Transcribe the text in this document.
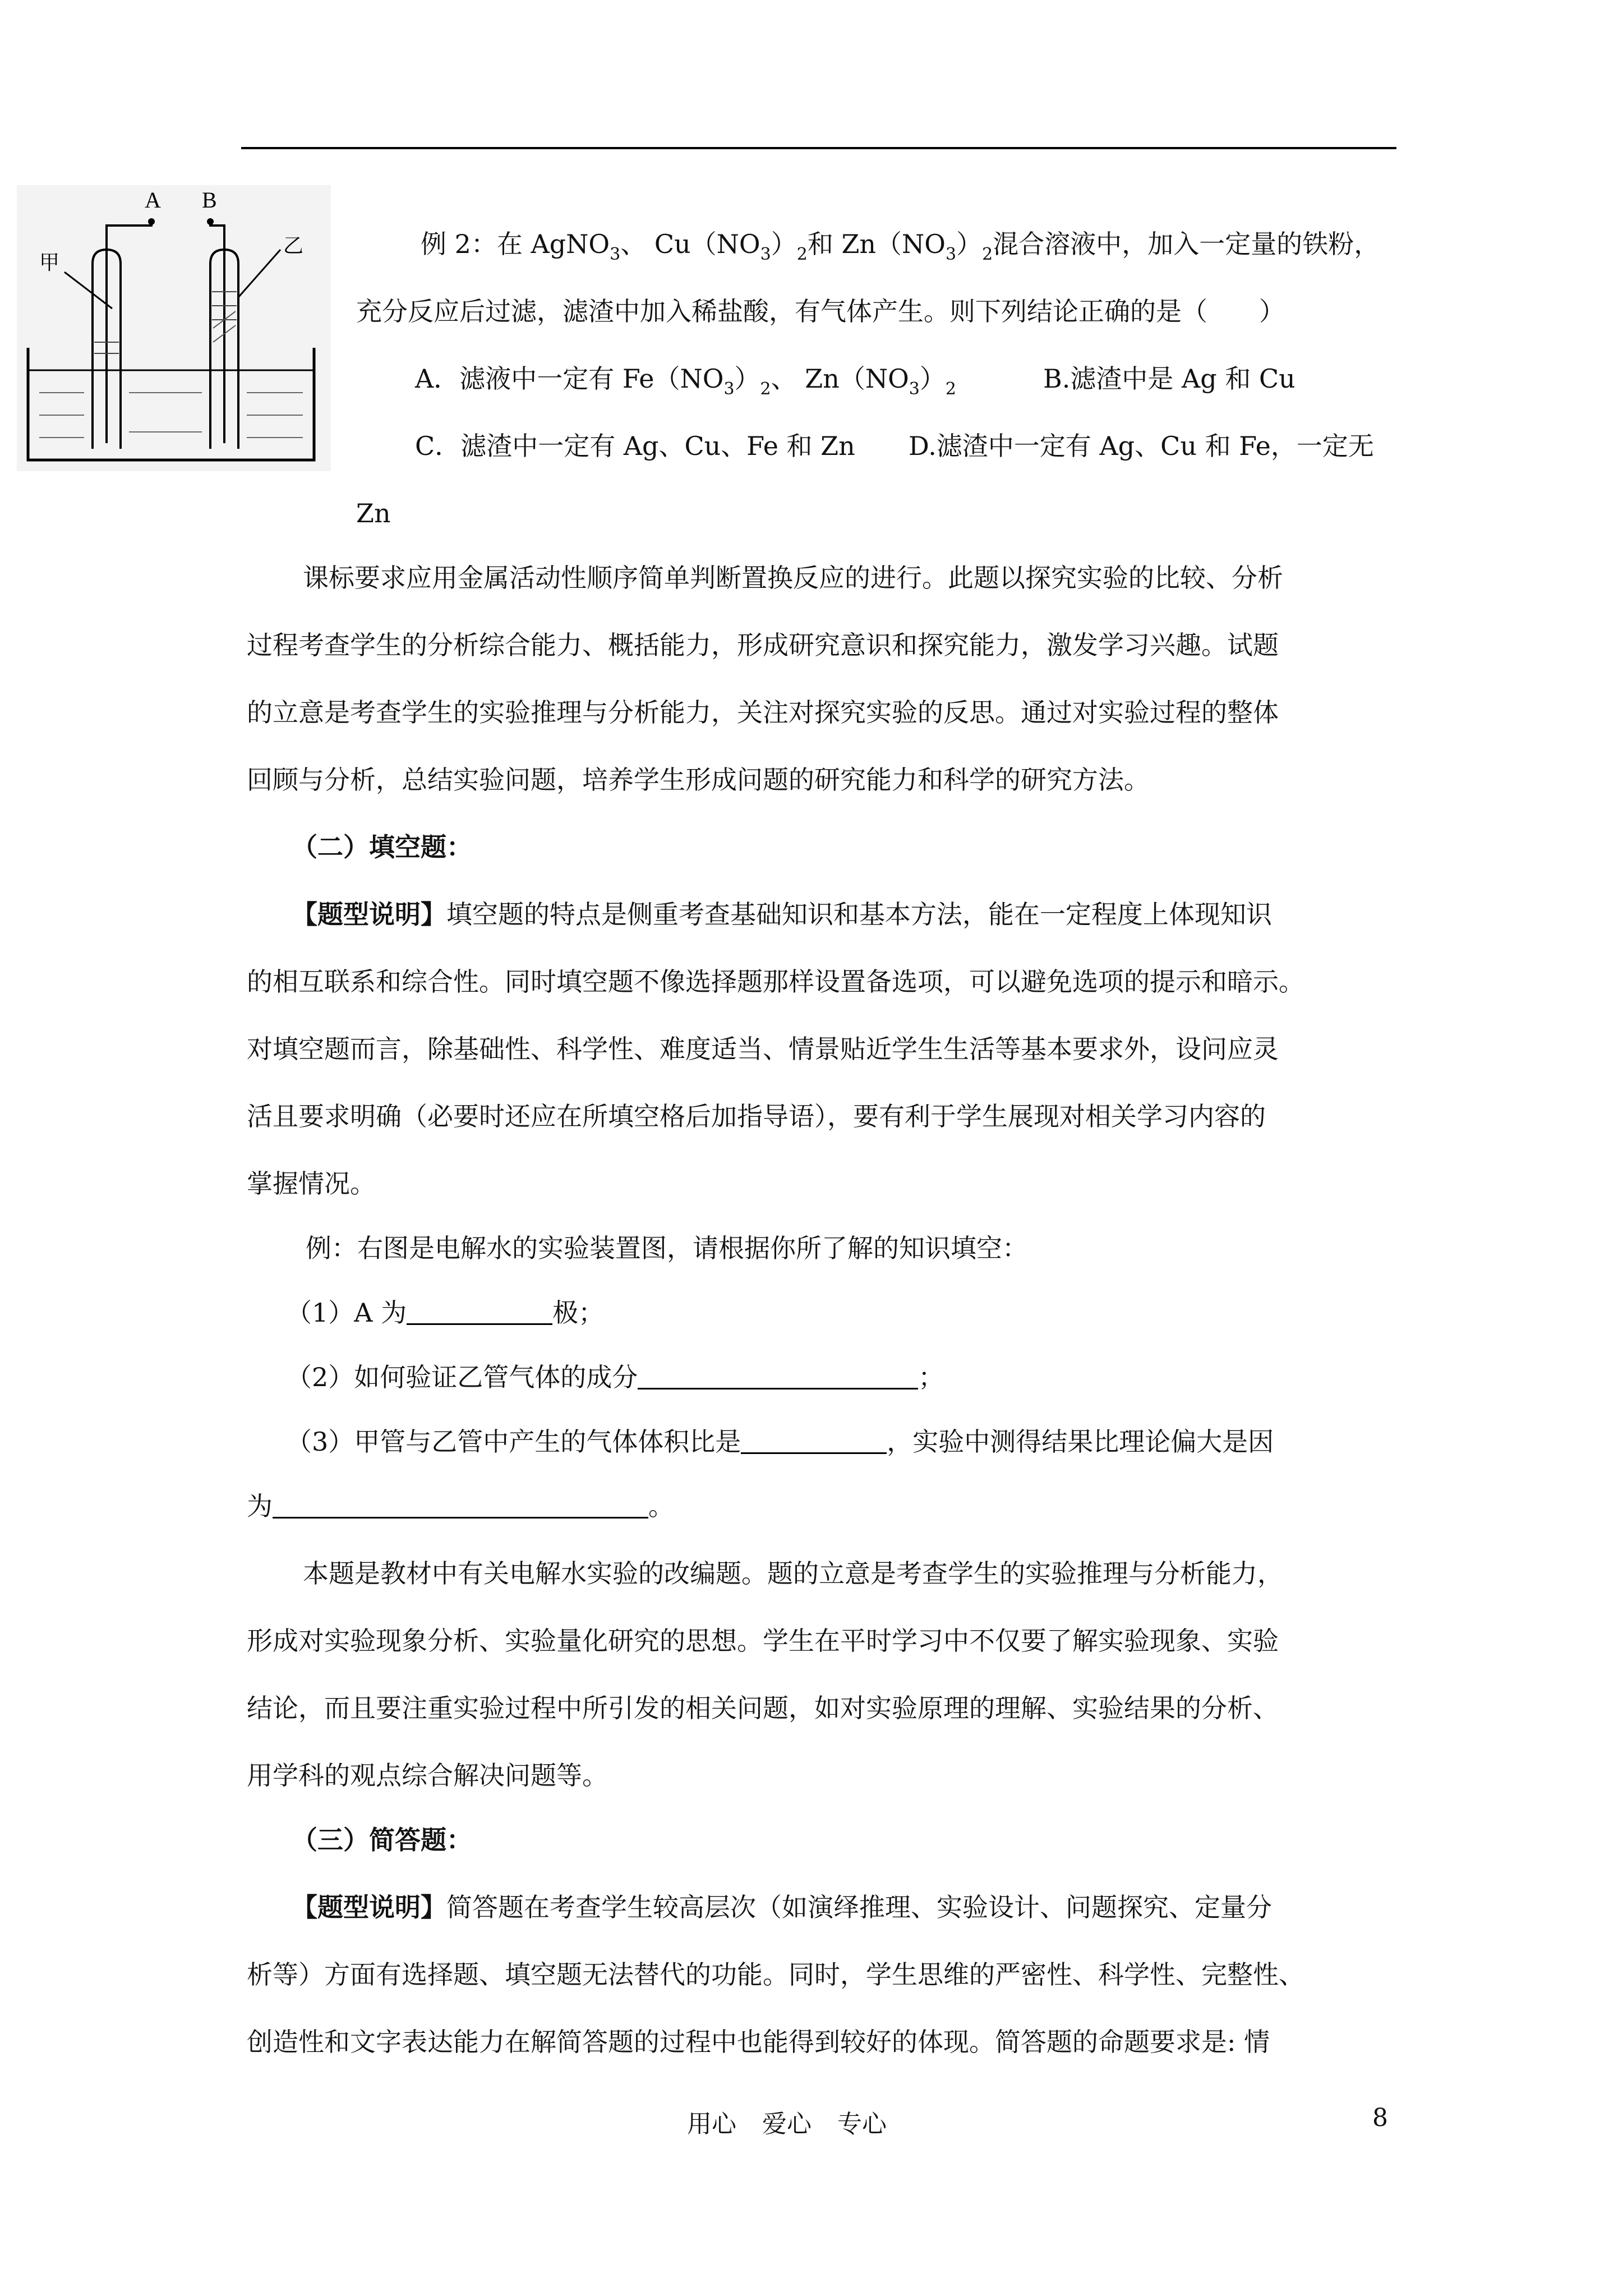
A B
甲
乙	例 2：在 AgNO$_3$、 $Cu(NO_3)_2$和 $Zn(NO_3)_2$混合溶液中，加入一定量的铁粉，
充分反应后过滤，滤渣中加入稀盐酸，有气体产生。则下列结论正确的是（　　）
A．滤液中一定有 $Fe(NO_3)_2$、 $Zn(NO_3)_2$	B.滤渣中是 Ag 和 Cu
C．滤渣中一定有 Ag、Cu、Fe 和 Zn D.滤渣中一定有 Ag、Cu 和 Fe，一定无
Zn
课标要求应用金属活动性顺序简单判断置换反应的进行。此题以探究实验的比较、分析
过程考查学生的分析综合能力、概括能力，形成研究意识和探究能力，激发学习兴趣。试题
的立意是考查学生的实验推理与分析能力，关注对探究实验的反思。通过对实验过程的整体
回顾与分析，总结实验问题，培养学生形成问题的研究能力和科学的研究方法。
（二）填空题：
【题型说明】填空题的特点是侧重考查基础知识和基本方法，能在一定程度上体现知识
的相互联系和综合性。同时填空题不像选择题那样设置备选项，可以避免选项的提示和暗示。
对填空题而言，除基础性、科学性、难度适当、情景贴近学生生活等基本要求外，设问应灵
活且要求明确（必要时还应在所填空格后加指导语），要有利于学生展现对相关学习内容的
掌握情况。
例：右图是电解水的实验装置图，请根据你所了解的知识填空：
（1）A 为	极；
（2）如何验证乙管气体的成分	；
（3）甲管与乙管中产生的气体体积比是	，实验中测得结果比理论偏大是因
为	。
本题是教材中有关电解水实验的改编题。题的立意是考查学生的实验推理与分析能力，
形成对实验现象分析、实验量化研究的思想。学生在平时学习中不仅要了解实验现象、实验
结论，而且要注重实验过程中所引发的相关问题，如对实验原理的理解、实验结果的分析、
用学科的观点综合解决问题等。
（三）简答题：
【题型说明】简答题在考查学生较高层次（如演绎推理、实验设计、问题探究、定量分
析等）方面有选择题、填空题无法替代的功能。同时，学生思维的严密性、科学性、完整性、
创造性和文字表达能力在解简答题的过程中也能得到较好的体现。简答题的命题要求是: 情
用心 爱心 专心	8
